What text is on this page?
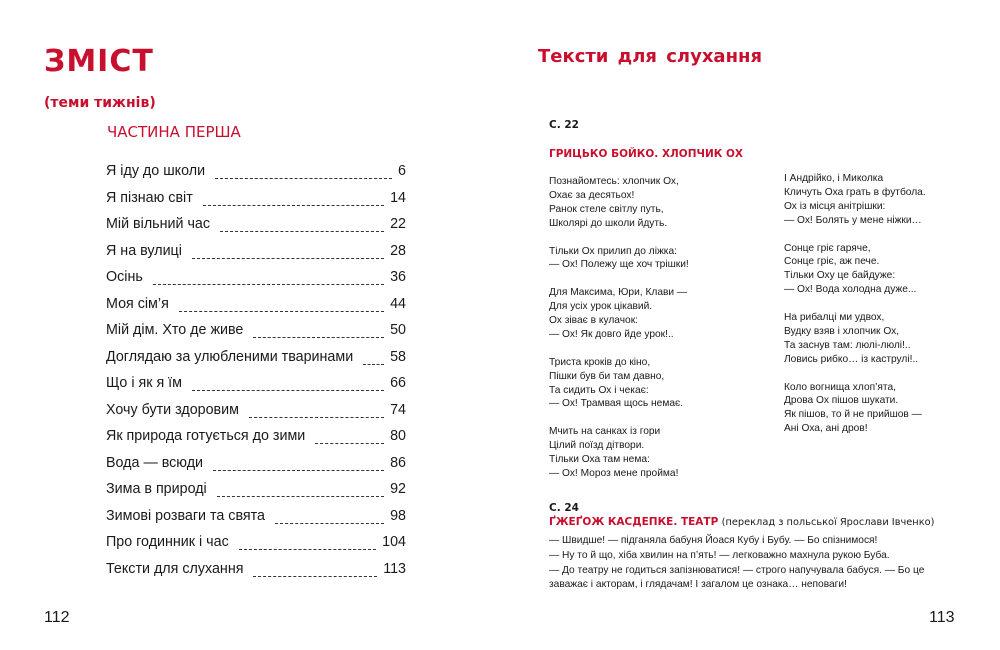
ЗМІСТ
(теми тижнів)
ЧАСТИНА ПЕРША
Я іду до школи	6
Я пізнаю світ	14
Мій вільний час	22
Я на вулиці	28
Осінь	36
Моя сім’я	44
Мій дім. Хто де живе	50
Доглядаю за улюбленими тваринами	58
Що і як я їм	66
Хочу бути здоровим	74
Як природа готується до зими	80
Вода — всюди	86
Зима в природі	92
Зимові розваги та свята	98
Про годинник і час	104
Тексти для слухання	113
112
Тексти для слухання
С. 22
ГРИЦЬКО БОЙКО. ХЛОПЧИК ОХ
Познайомтесь: хлопчик Ох,
Охає за десятьох!
Ранок стеле світлу путь,
Школярі до школи йдуть.
Тільки Ох прилип до ліжка:
— Ох! Полежу ще хоч трішки!
Для Максима, Юри, Клави —
Для усіх урок цікавий.
Ох зіває в кулачок:
— Ох! Як довго йде урок!..
Триста кроків до кіно,
Пішки був би там давно,
Та сидить Ох і чекає:
— Ох! Трамвая щось немає.
Мчить на санках із гори
Цілий поїзд дітвори.
Тільки Оха там нема:
— Ох! Мороз мене пройма!
І Андрійко, і Миколка
Кличуть Оха грать в футбола.
Ох із місця анітрішки:
— Ох! Болять у мене ніжки…
Сонце гріє гаряче,
Сонце гріє, аж пече.
Тільки Оху це байдуже:
— Ох! Вода холодна дуже...
На рибалці ми удвох,
Вудку взяв і хлопчик Ох,
Та заснув там: люлі-люлі!..
Ловись рибко… із каструлі!..
Коло вогнища хлоп’ята,
Дрова Ох пішов шукати.
Як пішов, то й не прийшов —
Ані Оха, ані дров!
С. 24
ҐЖЕҐОЖ КАСДЕПКЕ. ТЕАТР (переклад з польської Ярослави Івченко)

— Швидше! — підганяла бабуня Йоася Кубу і Бубу. — Бо спізнимося!

— Ну то й що, хіба хвилин на п’ять! — легковажно махнула рукою Буба.

— До театру не годиться запізнюватися! — строго напучувала бабуся. — Бо це заважає і акторам, і глядачам! І загалом це ознака… неповаги!

113
